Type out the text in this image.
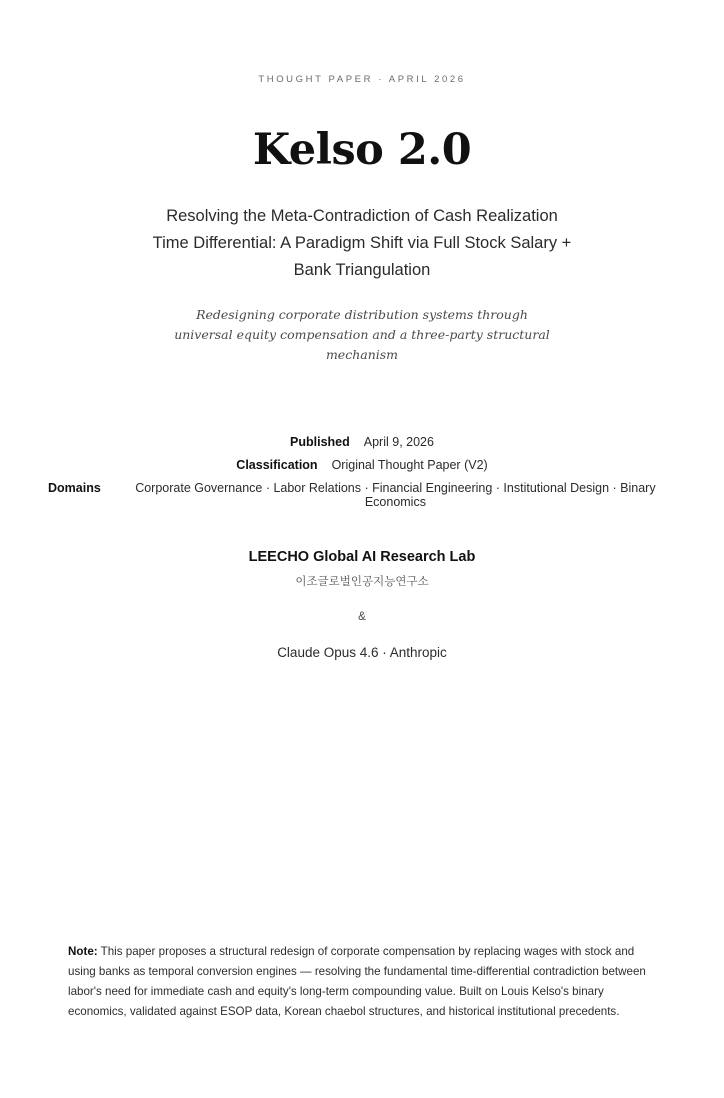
THOUGHT PAPER · APRIL 2026
Kelso 2.0
Resolving the Meta-Contradiction of Cash Realization Time Differential: A Paradigm Shift via Full Stock Salary + Bank Triangulation
Redesigning corporate distribution systems through universal equity compensation and a three-party structural mechanism
Published April 9, 2026
Classification Original Thought Paper (V2)
Domains	Corporate Governance · Labor Relations · Financial Engineering · Institutional Design · Binary Economics
LEECHO Global AI Research Lab
이조글로벌인공지능연구소
&
Claude Opus 4.6 · Anthropic
Note: This paper proposes a structural redesign of corporate compensation by replacing wages with stock and using banks as temporal conversion engines — resolving the fundamental time-differential contradiction between labor's need for immediate cash and equity's long-term compounding value. Built on Louis Kelso's binary economics, validated against ESOP data, Korean chaebol structures, and historical institutional precedents.
